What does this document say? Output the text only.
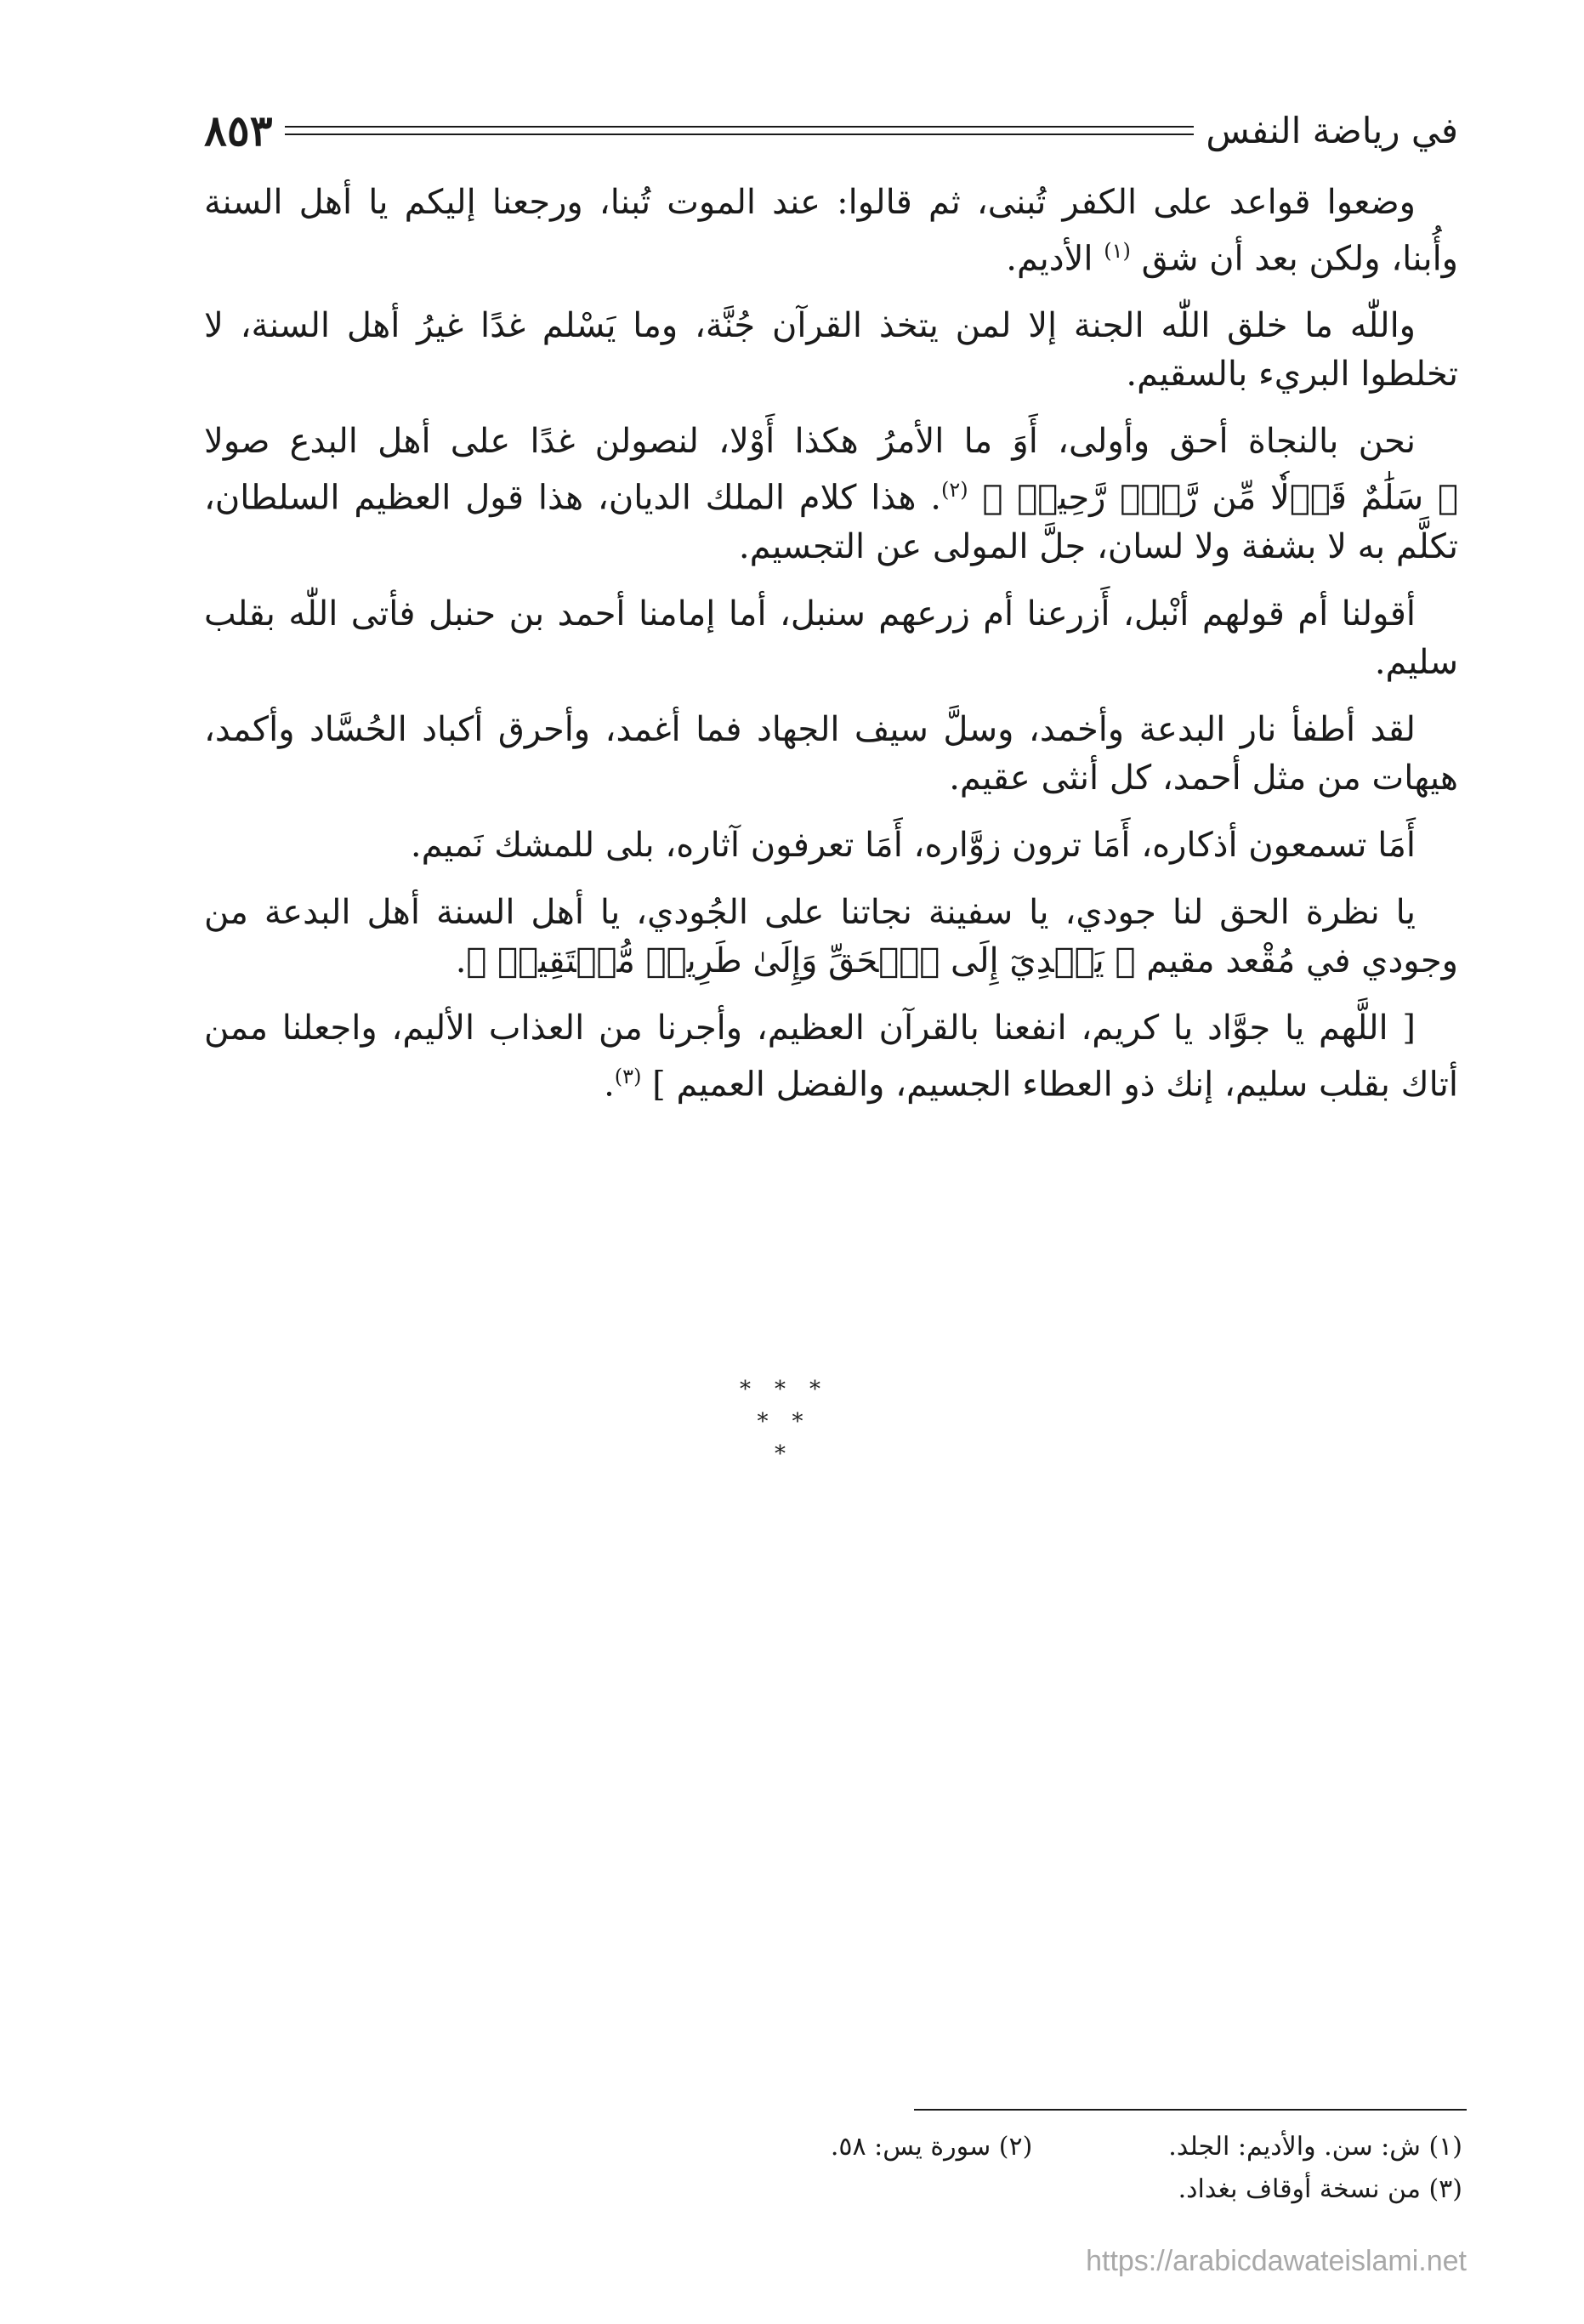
في رياضة النفس
٨٥٣

وضعوا قواعد على الكفر تُبنى، ثم قالوا: عند الموت تُبنا، ورجعنا إليكم يا أهل السنة وأُبنا، ولكن بعد أن شق $^{(١)}$ الأديم.

واللّٰه ما خلق اللّٰه الجنة إلا لمن يتخذ القرآن جُنَّة، وما يَسْلم غدًا غيرُ أهل السنة، لا تخلطوا البريء بالسقيم.

نحن بالنجاة أحق وأولى، أَوَ ما الأمرُ هكذا أَوْلا، لنصولن غدًا على أهل البدع صولا ﴿ سَلَٰمٌ قَوۡلٗا مِّن رَّبّٖ رَّحِيمٖ ﴾ $^{(٢)}$. هذا كلام الملك الديان، هذا قول العظيم السلطان، تكلَّم به لا بشفة ولا لسان، جلَّ المولى عن التجسيم.

أقولنا أم قولهم أنْبل، أَزرعنا أم زرعهم سنبل، أما إمامنا أحمد بن حنبل فأتى اللّٰه بقلب سليم.

لقد أطفأ نار البدعة وأخمد، وسلَّ سيف الجهاد فما أغمد، وأحرق أكباد الحُسَّاد وأكمد، هيهات من مثل أحمد، كل أنثى عقيم.

أَمَا تسمعون أذكاره، أَمَا ترون زوَّاره، أَمَا تعرفون آثاره، بلى للمشك نَميم.

يا نظرة الحق لنا جودي، يا سفينة نجاتنا على الجُودي، يا أهل السنة أهل البدعة من وجودي في مُقْعد مقيم ﴿ يَهۡدِيٓ إِلَى ٱلۡحَقِّ وَإِلَىٰ طَرِيقٖ مُّسۡتَقِيمٖ ﴾.

[ اللَّهم يا جوَّاد يا كريم، انفعنا بالقرآن العظيم، وأجرنا من العذاب الأليم، واجعلنا ممن أتاك بقلب سليم، إنك ذو العطاء الجسيم، والفضل العميم ] $^{(٣)}$.

***
**
*
(١) ش: سن. والأديم: الجلد.
(٢) سورة يس: ٥٨.
(٣) من نسخة أوقاف بغداد.
https://arabicdawateislami.net
